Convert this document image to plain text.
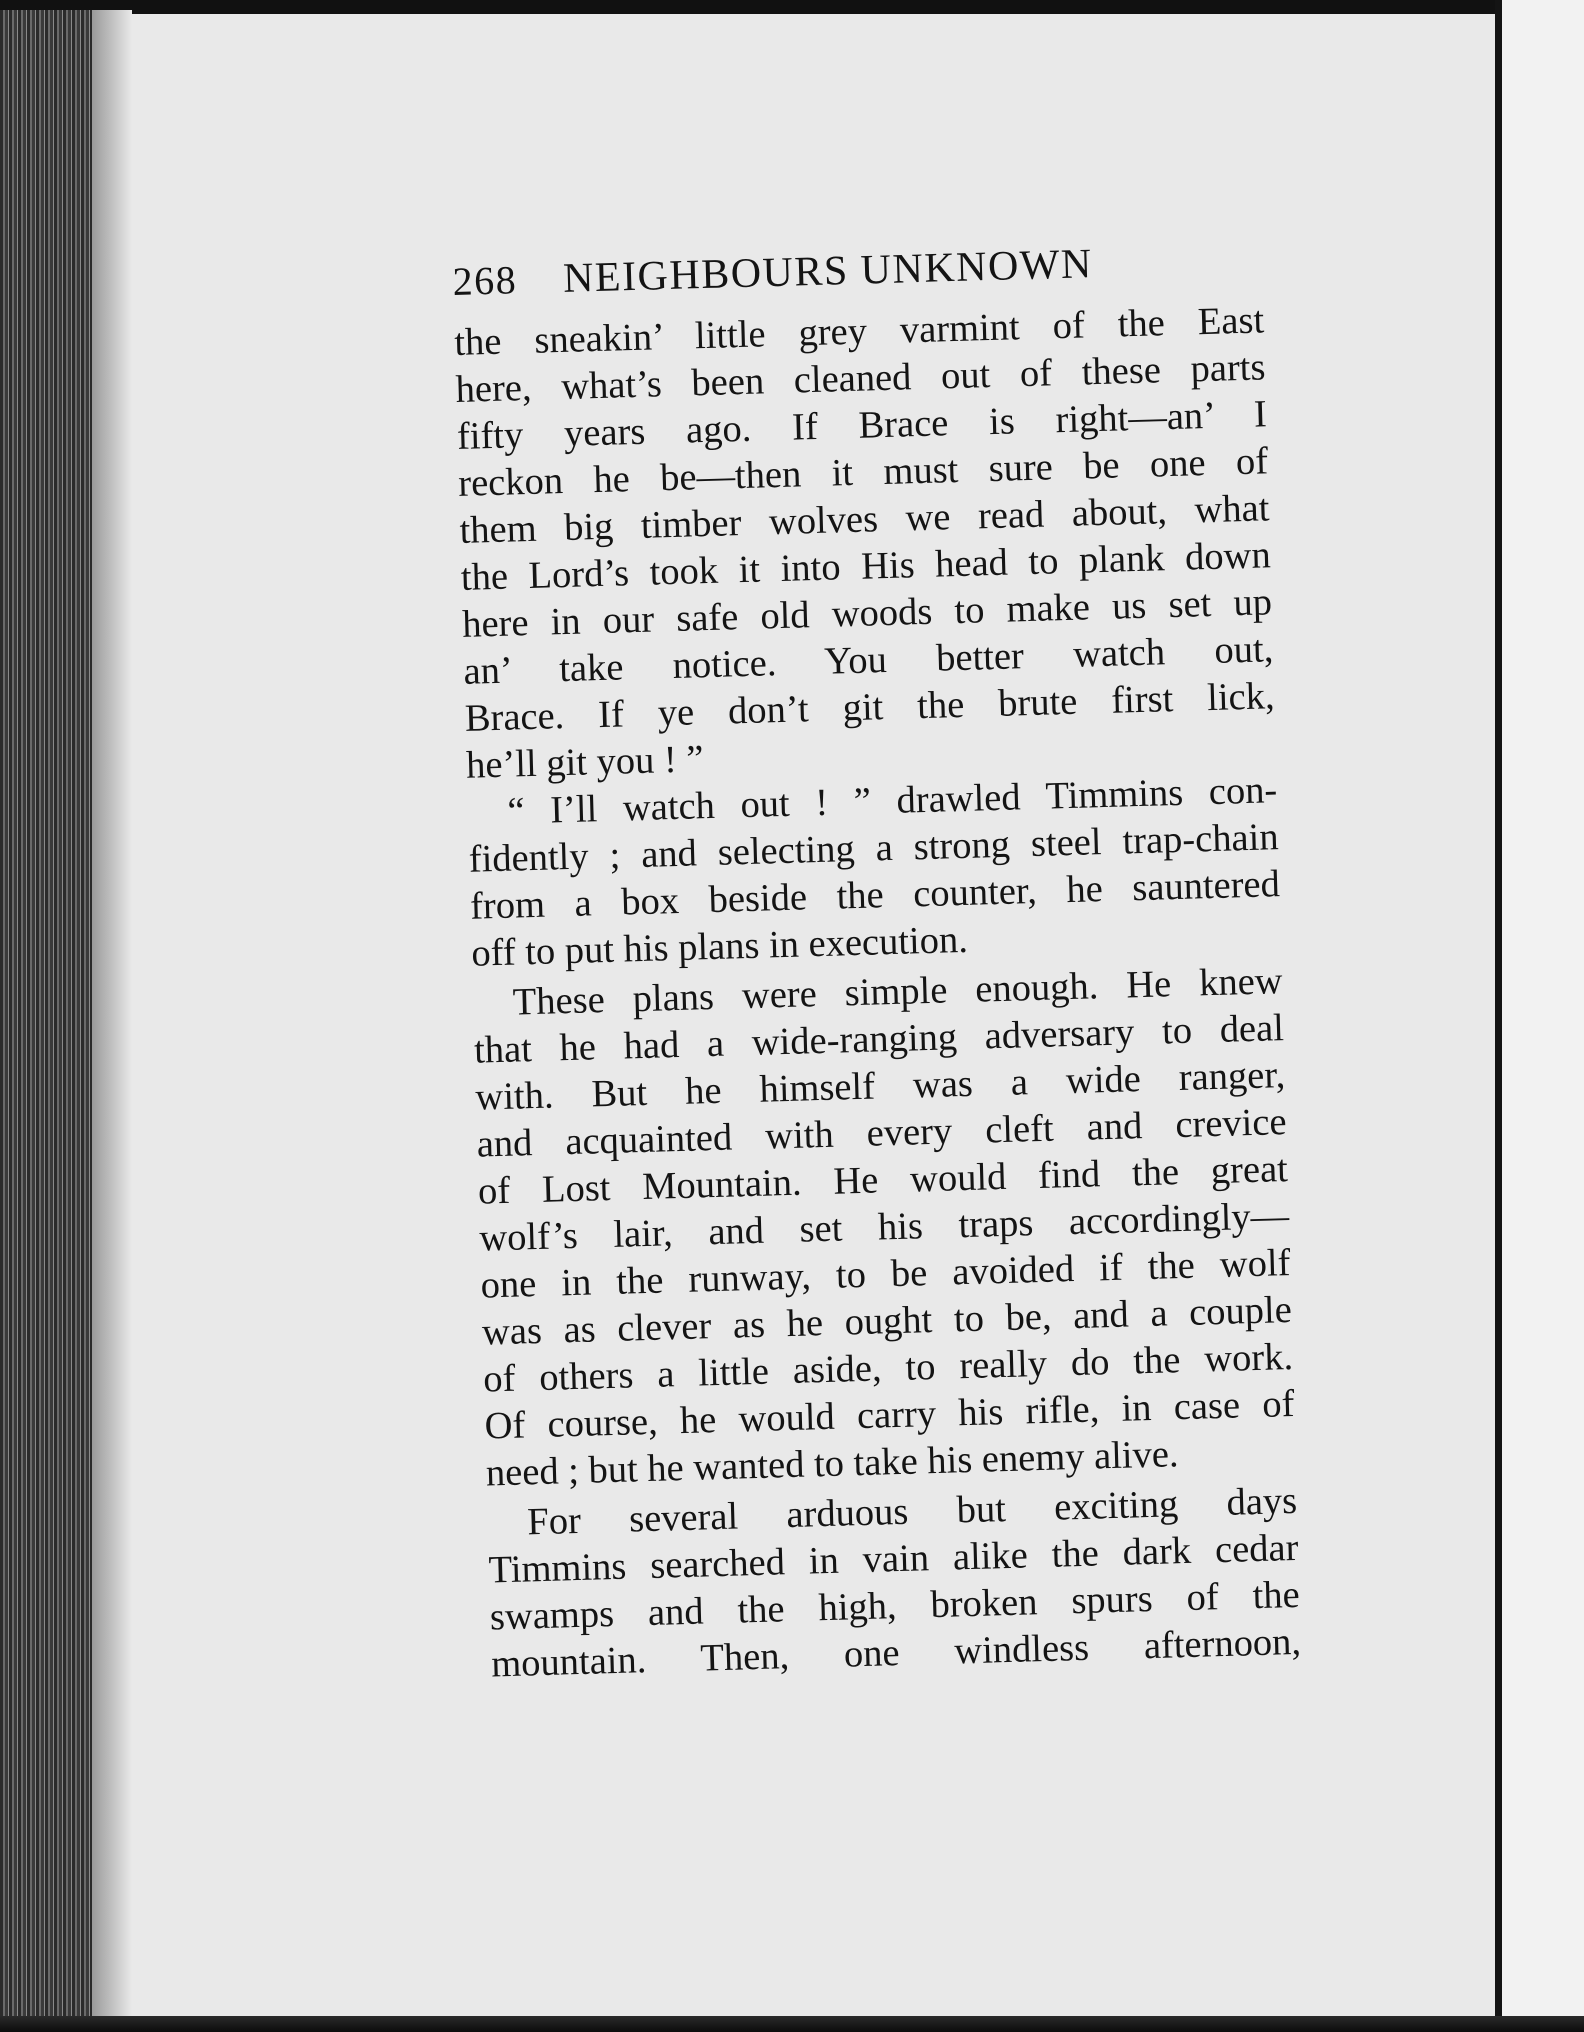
268 NEIGHBOURS UNKNOWN
the sneakin’ little grey varmint of the East
here, what’s been cleaned out of these parts
fifty years ago. If Brace is right—an’ I
reckon he be—then it must sure be one of
them big timber wolves we read about, what
the Lord’s took it into His head to plank down
here in our safe old woods to make us set up
an’ take notice. You better watch out,
Brace. If ye don’t git the brute first lick,
he’ll git you ! ”
“ I’ll watch out ! ” drawled Timmins con-
fidently ; and selecting a strong steel trap-chain
from a box beside the counter, he sauntered
off to put his plans in execution.
These plans were simple enough. He knew
that he had a wide-ranging adversary to deal
with. But he himself was a wide ranger,
and acquainted with every cleft and crevice
of Lost Mountain. He would find the great
wolf’s lair, and set his traps accordingly—
one in the runway, to be avoided if the wolf
was as clever as he ought to be, and a couple
of others a little aside, to really do the work.
Of course, he would carry his rifle, in case of
need ; but he wanted to take his enemy alive.
For several arduous but exciting days
Timmins searched in vain alike the dark cedar
swamps and the high, broken spurs of the
mountain. Then, one windless afternoon,
